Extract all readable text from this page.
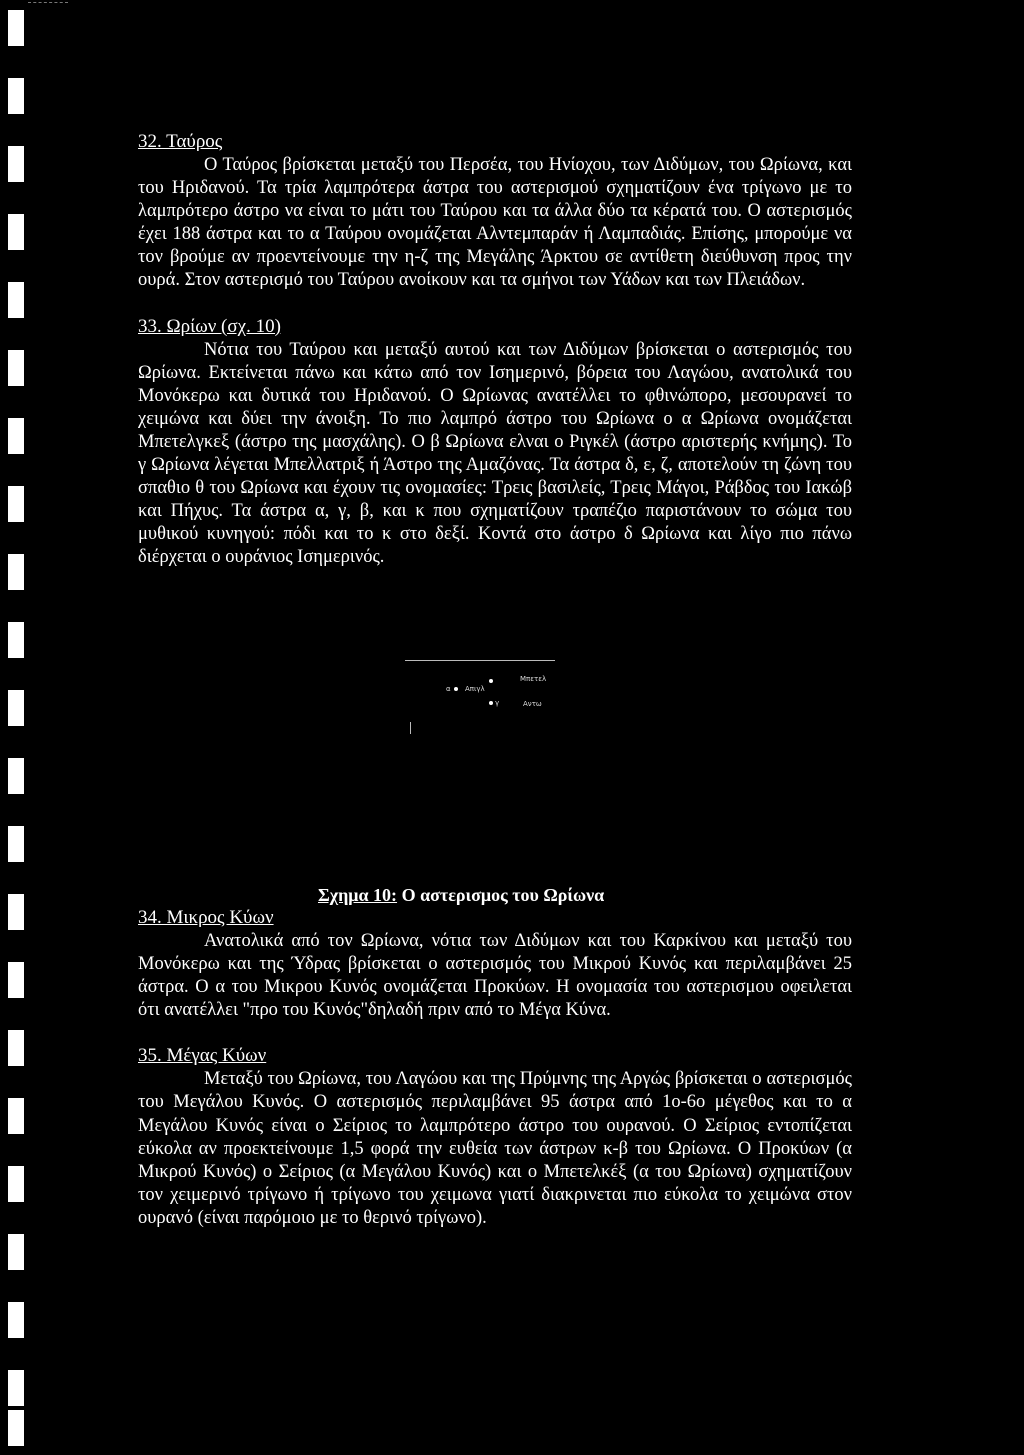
32. Ταύρος

Ο Ταύρος βρίσκεται μεταξύ του Περσέα, του Ηνίοχου, των Διδύμων, του Ωρίωνα, και του Ηριδανού. Τα τρία λαμπρότερα άστρα του αστερισμού σχηματίζουν ένα τρίγωνο με το λαμπρότερο άστρο να είναι το μάτι του Ταύρου και τα άλλα δύο τα κέρατά του. Ο αστερισμός έχει 188 άστρα και το α Ταύρου ονομάζεται Αλντεμπαράν ή Λαμπαδιάς. Επίσης, μπορούμε να τον βρούμε αν προεντείνουμε την η-ζ της Μεγάλης Άρκτου σε αντίθετη διεύθυνση προς την ουρά. Στον αστερισμό του Ταύρου ανοίκουν και τα σμήνοι των Υάδων και των Πλειάδων.

33. Ωρίων (σχ. 10)

Νότια του Ταύρου και μεταξύ αυτού και των Διδύμων βρίσκεται ο αστερισμός του Ωρίωνα. Εκτείνεται πάνω και κάτω από τον Ισημερινό, βόρεια του Λαγώου, ανατολικά του Μονόκερω και δυτικά του Ηριδανού. Ο Ωρίωνας ανατέλλει το φθινώπορο, μεσουρανεί το χειμώνα και δύει την άνοιξη. Το πιο λαμπρό άστρο του Ωρίωνα ο α Ωρίωνα ονομάζεται Μπετελγκεξ (άστρο της μασχάλης). Ο β Ωρίωνα ελναι ο Ριγκέλ (άστρο αριστερής κνήμης). Το γ Ωρίωνα λέγεται Μπελλατριξ ή Άστρο της Αμαζόνας. Τα άστρα δ, ε, ζ, αποτελούν τη ζώνη του σπαθιο θ του Ωρίωνα και έχουν τις ονομασίες: Τρεις βασιλείς, Τρεις Μάγοι, Ράβδος του Ιακώβ και Πήχυς. Τα άστρα α, γ, β, και κ που σχηματίζουν τραπέζιο παριστάνουν το σώμα του μυθικού κυνηγού: πόδι και το κ στο δεξί. Κοντά στο άστρο δ Ωρίωνα και λίγο πιο πάνω διέρχεται ο ουράνιος Ισημερινός.

Μπετελ
α Απιγλ
γ	Αντω
Σχημα 10: Ο αστερισμος του Ωρίωνα

34. Μικρος Κύων

Ανατολικά από τον Ωρίωνα, νότια των Διδύμων και του Καρκίνου και μεταξύ του Μονόκερω και της Ύδρας βρίσκεται ο αστερισμός του Μικρού Κυνός και περιλαμβάνει 25 άστρα. Ο α του Μικρου Κυνός ονομάζεται Προκύων. Η ονομασία του αστερισμου οφειλεται ότι ανατέλλει "προ του Κυνός"δηλαδή πριν από το Μέγα Κύνα.

35. Μέγας Κύων

Μεταξύ του Ωρίωνα, του Λαγώου και της Πρύμνης της Αργώς βρίσκεται ο αστερισμός του Μεγάλου Κυνός. Ο αστερισμός περιλαμβάνει 95 άστρα από 1ο-6ο μέγεθος και το α Μεγάλου Κυνός είναι ο Σείριος το λαμπρότερο άστρο του ουρανού. Ο Σείριος εντοπίζεται εύκολα αν προεκτείνουμε 1,5 φορά την ευθεία των άστρων κ-β του Ωρίωνα. Ο Προκύων (α Μικρού Κυνός) ο Σείριος (α Μεγάλου Κυνός) και ο Μπετελκέξ (α του Ωρίωνα) σχηματίζουν τον χειμερινό τρίγωνο ή τρίγωνο του χειμωνα γιατί διακρινεται πιο εύκολα το χειμώνα στον ουρανό (είναι παρόμοιο με το θερινό τρίγωνο).
